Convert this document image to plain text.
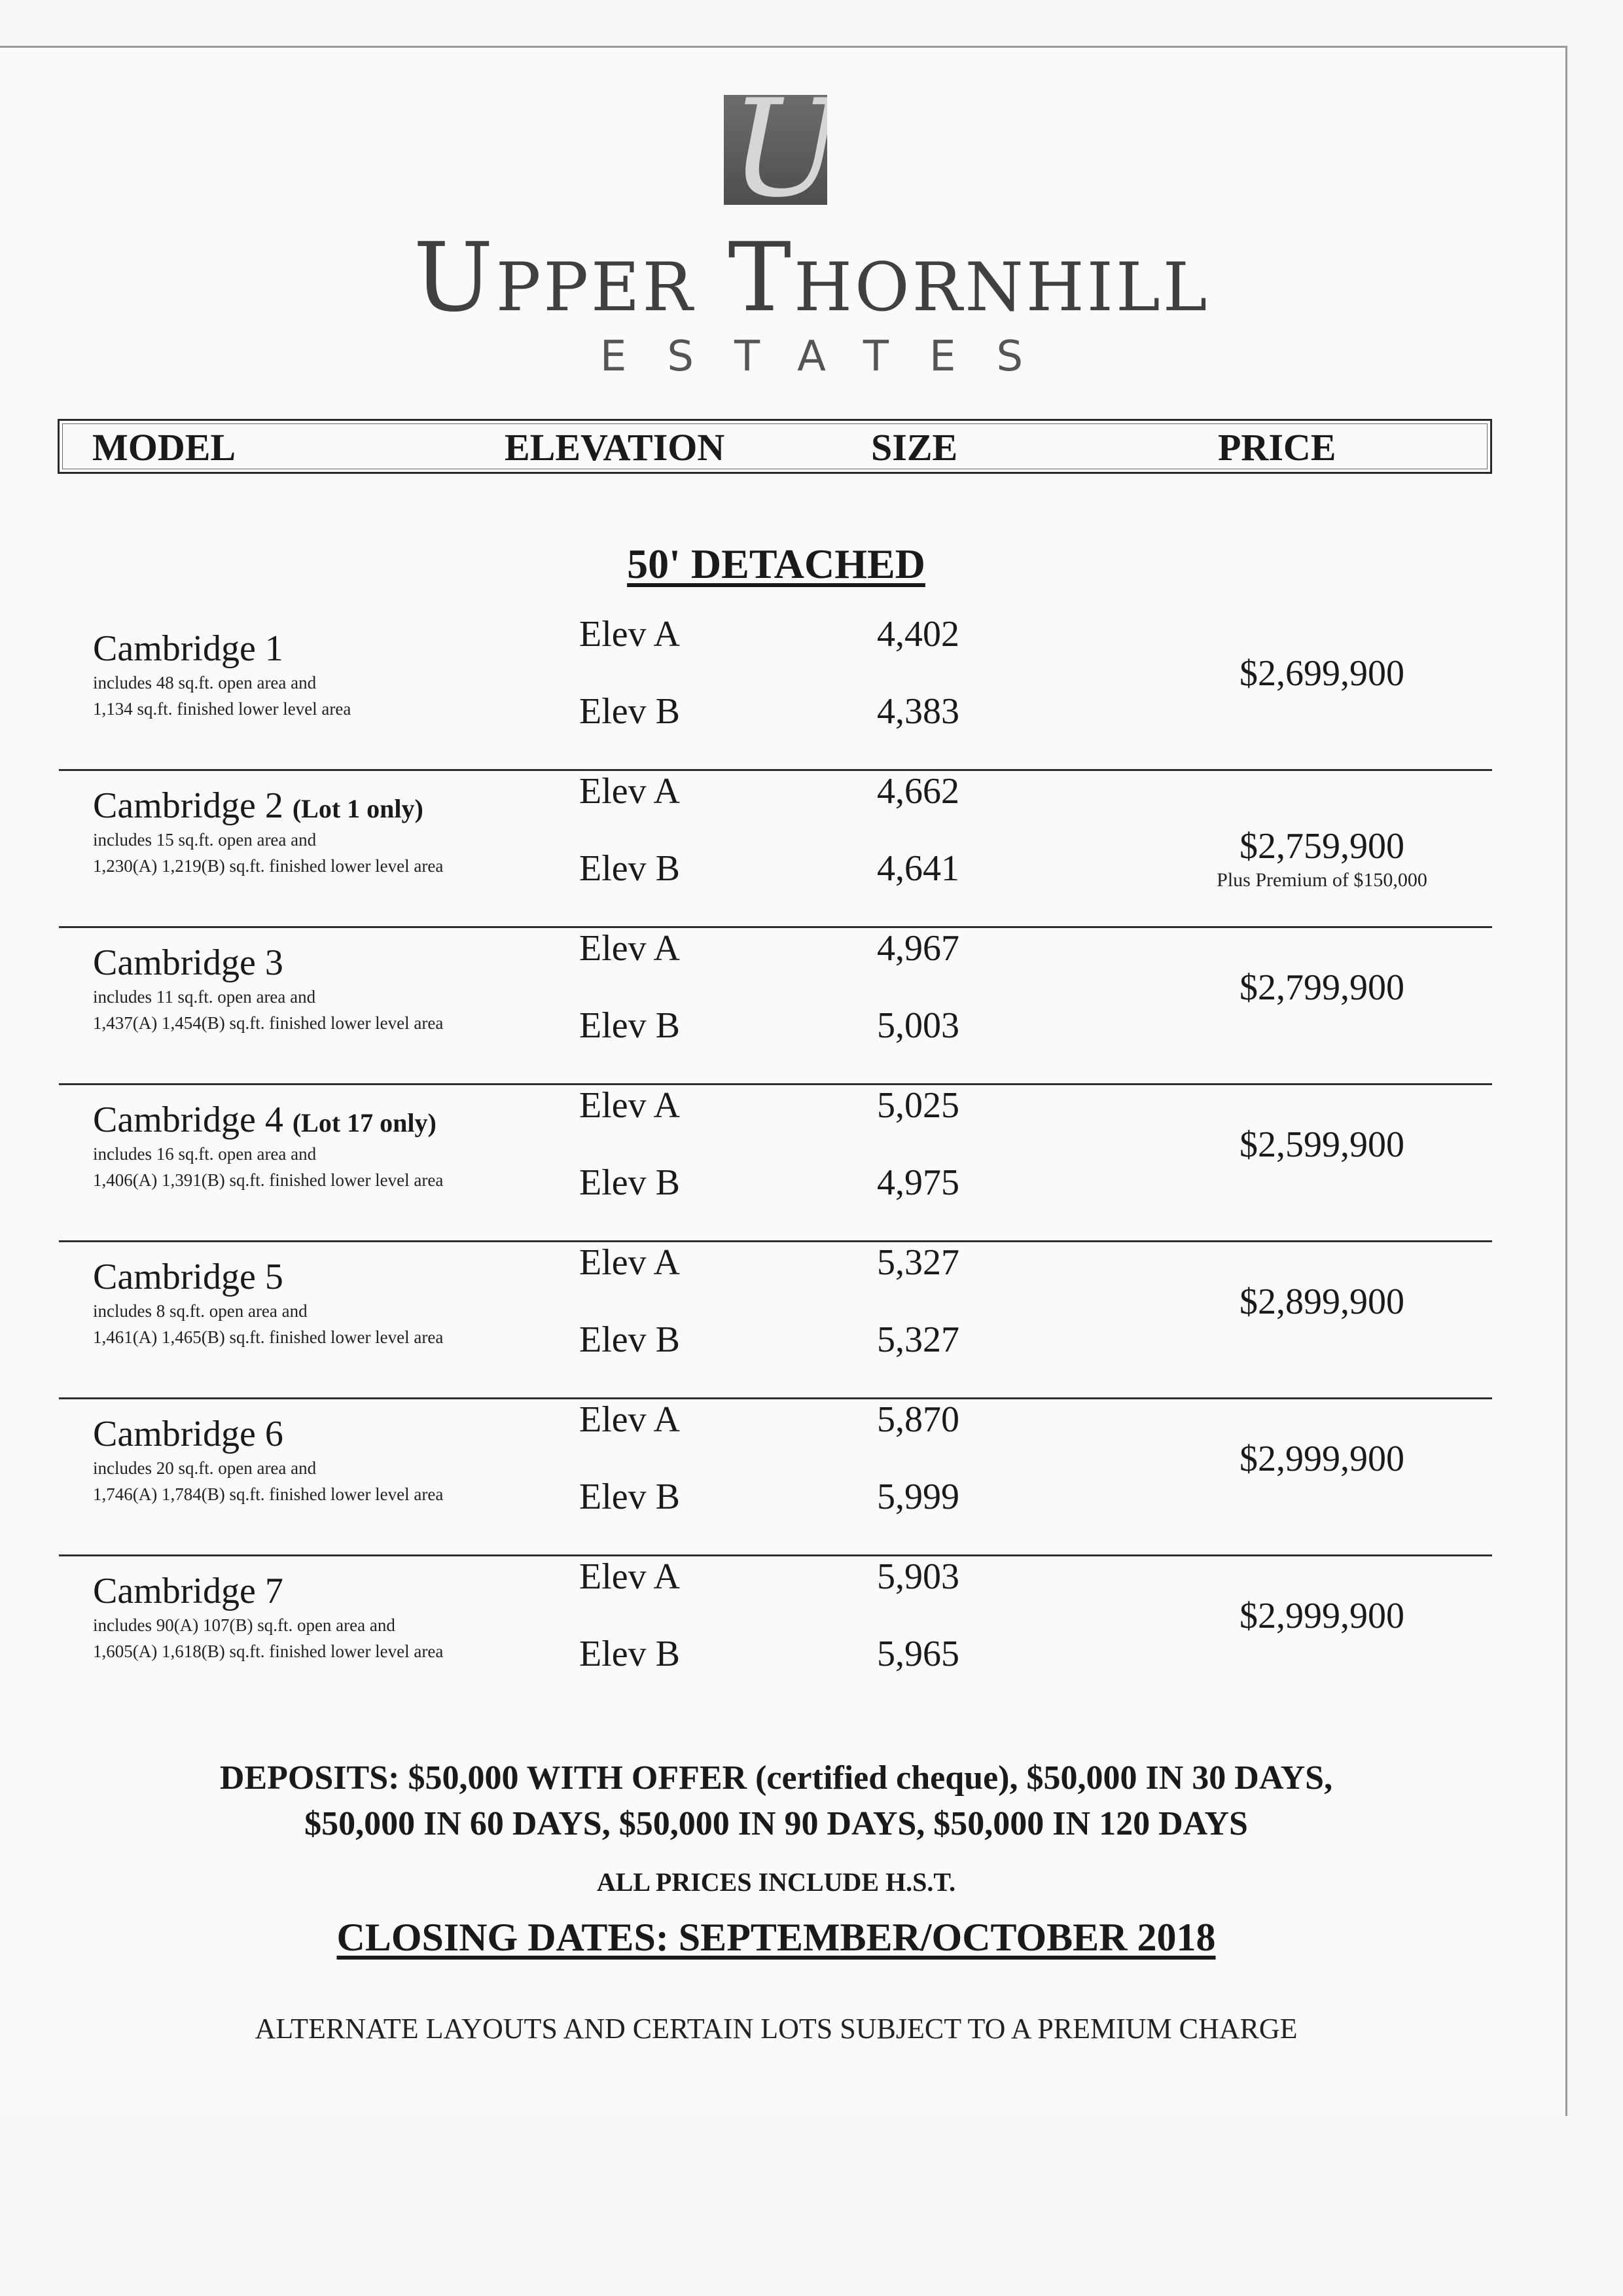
U
Upper Thornhill
ESTATES
MODEL	ELEVATION	SIZE	PRICE
50' DETACHED
Cambridge 1
includes 48 sq.ft. open area and
1,134 sq.ft. finished lower level area
Elev A	4,402
Elev B	4,383
$2,699,900
Cambridge 2 (Lot 1 only)
includes 15 sq.ft. open area and
1,230(A) 1,219(B) sq.ft. finished lower level area
Elev A	4,662
Elev B	4,641
$2,759,900
Plus Premium of $150,000
Cambridge 3
includes 11 sq.ft. open area and
1,437(A) 1,454(B) sq.ft. finished lower level area
Elev A	4,967
Elev B	5,003
$2,799,900
Cambridge 4 (Lot 17 only)
includes 16 sq.ft. open area and
1,406(A) 1,391(B) sq.ft. finished lower level area
Elev A	5,025
Elev B	4,975
$2,599,900
Cambridge 5
includes 8 sq.ft. open area and
1,461(A) 1,465(B) sq.ft. finished lower level area
Elev A	5,327
Elev B	5,327
$2,899,900
Cambridge 6
includes 20 sq.ft. open area and
1,746(A) 1,784(B) sq.ft. finished lower level area
Elev A	5,870
Elev B	5,999
$2,999,900
Cambridge 7
includes 90(A) 107(B) sq.ft. open area and
1,605(A) 1,618(B) sq.ft. finished lower level area
Elev A	5,903
Elev B	5,965
$2,999,900
DEPOSITS: $50,000 WITH OFFER (certified cheque), $50,000 IN 30 DAYS,
$50,000 IN 60 DAYS, $50,000 IN 90 DAYS, $50,000 IN 120 DAYS
ALL PRICES INCLUDE H.S.T.
CLOSING DATES: SEPTEMBER/OCTOBER 2018
ALTERNATE LAYOUTS AND CERTAIN LOTS SUBJECT TO A PREMIUM CHARGE
